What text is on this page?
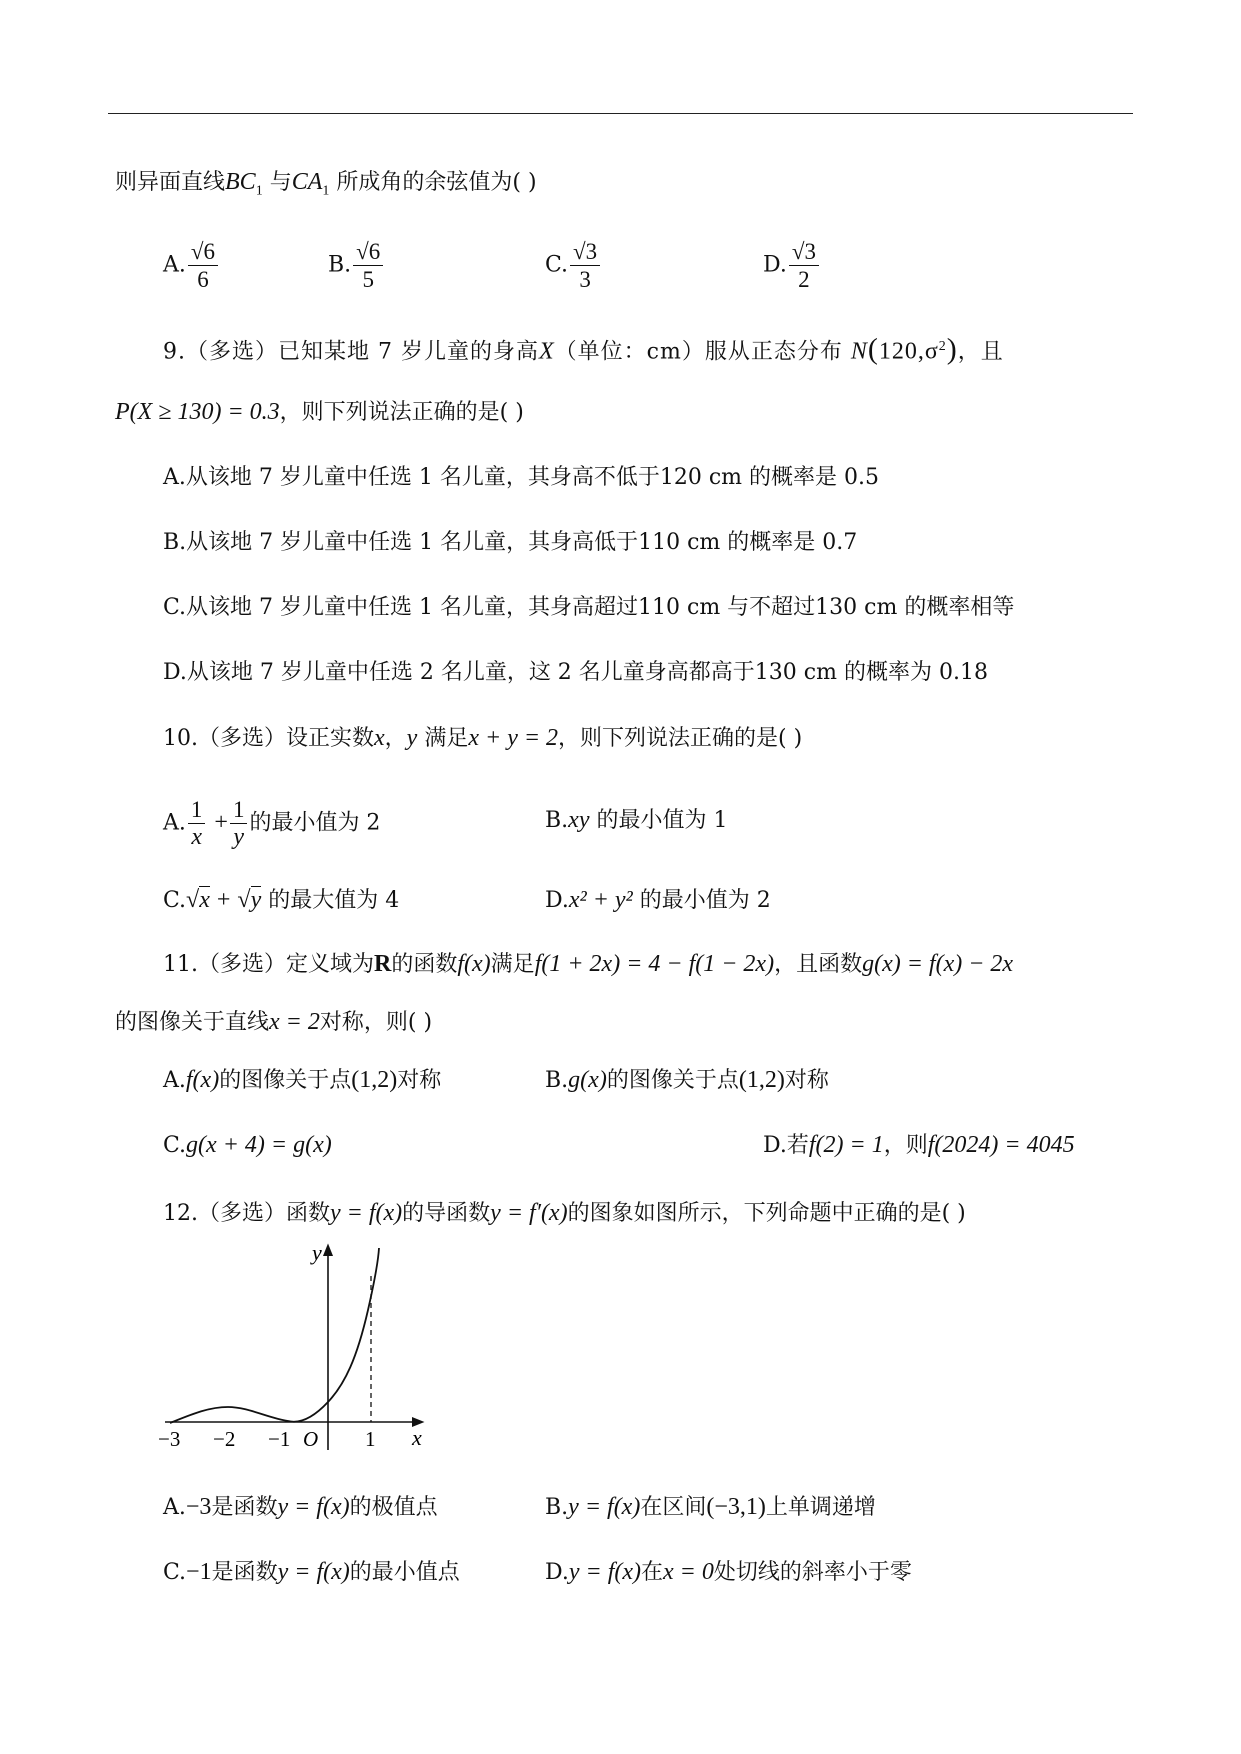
则异面直线$BC_1$ 与$CA_1$ 所成角的余弦值为( )
A. $\frac{√6}{6}$	B. $\frac{√6}{5}$	C. $\frac{√3}{3}$	D. $\frac{√3}{2}$
9.（多选）已知某地 7 岁儿童的身高X（单位：cm）服从正态分布 $N(120,\sigma^2)$，且
P(X ≥ 130) = 0.3，则下列说法正确的是( )
A.从该地 7 岁儿童中任选 1 名儿童，其身高不低于120 cm 的概率是 0.5
B.从该地 7 岁儿童中任选 1 名儿童，其身高低于110 cm 的概率是 0.7
C.从该地 7 岁儿童中任选 1 名儿童，其身高超过110 cm 与不超过130 cm 的概率相等
D.从该地 7 岁儿童中任选 2 名儿童，这 2 名儿童身高都高于130 cm 的概率为 0.18
10.（多选）设正实数x，y 满足x + y = 2，则下列说法正确的是( )
A. $\frac{1}{x} + \frac{1}{y}$ 的最小值为 2	B.xy 的最小值为 1
C.√x + √y 的最大值为 4	D.x² + y² 的最小值为 2
11.（多选）定义域为R的函数f(x)满足f(1 + 2x) = 4 − f(1 − 2x)，且函数g(x) = f(x) − 2x
的图像关于直线x = 2对称，则( )
A.f(x)的图像关于点(1,2)对称	B.g(x)的图像关于点(1,2)对称
C.g(x + 4) = g(x)	D.若f(2) = 1，则f(2024) = 4045
12.（多选）函数y = f(x)的导函数y = f′(x)的图象如图所示，下列命题中正确的是( )
y
x
O
−3 −2 −1	1
A.−3是函数y = f(x)的极值点	B.y = f(x)在区间(−3,1)上单调递增
C.−1是函数y = f(x)的最小值点	D.y = f(x)在x = 0处切线的斜率小于零
